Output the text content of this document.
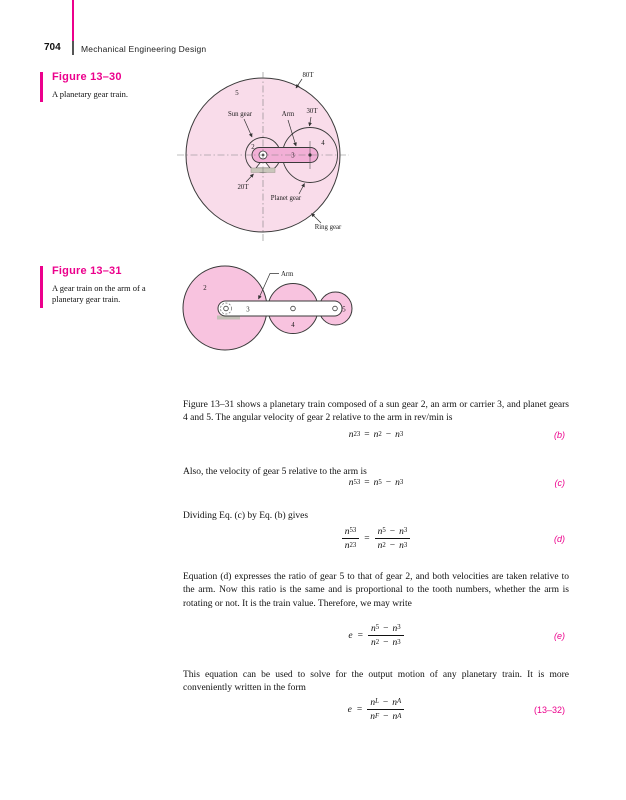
704 Mechanical Engineering Design

Figure 13–30

A planetary gear train.

80T
5
Sun gear	Arm 30T
4
2
3
20T
Planet gear
Ring gear

Figure 13–31

A gear train on the arm of a planetary gear train.

2
Arm
3
4
5

Figure 13–31 shows a planetary train composed of a sun gear 2, an arm or carrier 3, and planet gears 4 and 5. The angular velocity of gear 2 relative to the arm in rev/min is

n 23 = n 2 − n 3	(b)

Also, the velocity of gear 5 relative to the arm is

n 53 = n 5 − n 3	(c)

Dividing Eq. (c) by Eq. (b) gives

$\frac{n 53}{n 23} = \frac{n 5 - n 3}{n 2 - n 3}$	(d)

Equation (d) expresses the ratio of gear 5 to that of gear 2, and both velocities are taken relative to the arm. Now this ratio is the same and is proportional to the tooth numbers, whether the arm is rotating or not. It is the train value. Therefore, we may write

$e = \frac{n 5 - n 3}{n 2 - n 3}$	(e)

This equation can be used to solve for the output motion of any planetary train. It is more conveniently written in the form

$e = \frac{\text{n L − n A}}{\text{n F − n A}}$	(13–32)
